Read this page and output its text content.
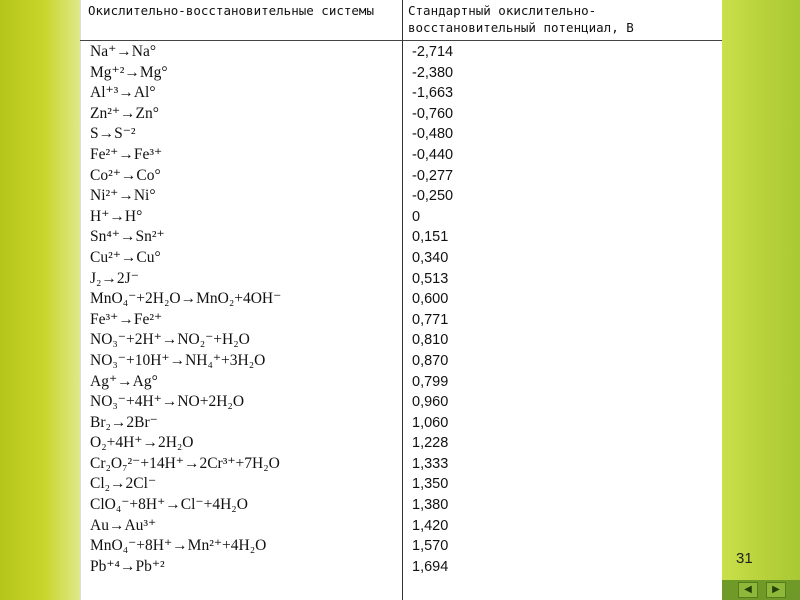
Окислительно-восстановительные системы	Стандартный окислительно-восстановительный потенциал, В
Na⁺→Na°	-2,714
Mg⁺²→Mg°	-2,380
Al⁺³→Al°	-1,663
Zn²⁺→Zn°	-0,760
S→S⁻²	-0,480
Fe²⁺→Fe³⁺	-0,440
Co²⁺→Co°	-0,277
Ni²⁺→Ni°	-0,250
H⁺→H°	0
Sn⁴⁺→Sn²⁺	0,151
Cu²⁺→Cu°	0,340
J₂→2J⁻	0,513
MnO₄⁻+2H₂O→MnO₂+4OH⁻	0,600
Fe³⁺→Fe²⁺	0,771
NO₃⁻+2H⁺→NO₂⁻+H₂O	0,810
NO₃⁻+10H⁺→NH₄⁺+3H₂O	0,870
Ag⁺→Ag°	0,799
NO₃⁻+4H⁺→NO+2H₂O	0,960
Br₂→2Br⁻	1,060
O₂+4H⁺→2H₂O	1,228
Cr₂O₇²⁻+14H⁺→2Cr³⁺+7H₂O	1,333
Cl₂→2Cl⁻	1,350
ClO₄⁻+8H⁺→Cl⁻+4H₂O	1,380
Au→Au³⁺	1,420
MnO₄⁻+8H⁺→Mn²⁺+4H₂O	1,570
Pb⁺⁴→Pb⁺²	1,694	31
◀	▶
